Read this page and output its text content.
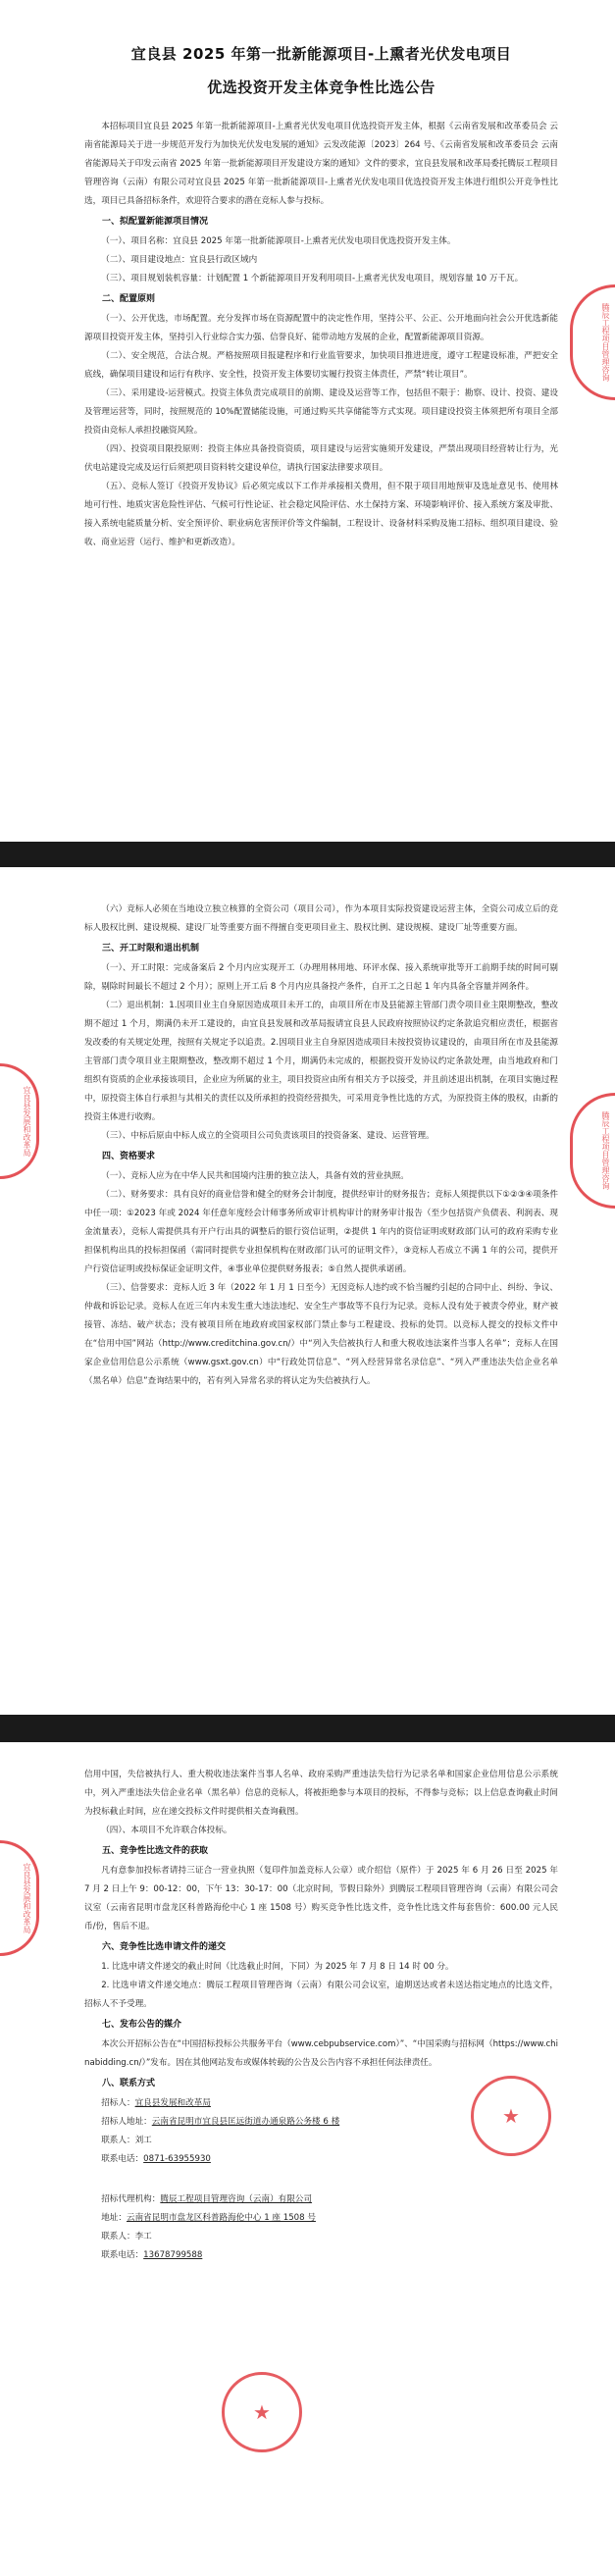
宜良县 2025 年第一批新能源项目-上熏者光伏发电项目
优选投资开发主体竞争性比选公告

本招标项目宜良县 2025 年第一批新能源项目-上熏者光伏发电项目优选投资开发主体，根据《云南省发展和改革委员会 云南省能源局关于进一步规范开发行为加快光伏发电发展的通知》云发改能源〔2023〕264 号、《云南省发展和改革委员会 云南省能源局关于印发云南省 2025 年第一批新能源项目开发建设方案的通知》文件的要求，宜良县发展和改革局委托腾辰工程项目管理咨询（云南）有限公司对宜良县 2025 年第一批新能源项目-上熏者光伏发电项目优选投资开发主体进行组织公开竞争性比选，项目已具备招标条件，欢迎符合要求的潜在竞标人参与投标。

一、拟配置新能源项目情况

（一）、项目名称：宜良县 2025 年第一批新能源项目-上熏者光伏发电项目优选投资开发主体。

（二）、项目建设地点：宜良县行政区域内

（三）、项目规划装机容量：计划配置 1 个新能源项目开发利用项目-上熏者光伏发电项目，规划容量 10 万千瓦。

二、配置原则

（一）、公开优选，市场配置。充分发挥市场在资源配置中的决定性作用，坚持公平、公正、公开地面向社会公开优选新能源项目投资开发主体，坚持引入行业综合实力强、信誉良好、能带动地方发展的企业，配置新能源项目资源。

（二）、安全规范，合法合规。严格按照项目报建程序和行业监管要求，加快项目推进进度，遵守工程建设标准，严把安全底线，确保项目建设和运行有秩序、安全性，投资开发主体要切实履行投资主体责任，严禁“转让项目”。

（三）、采用建设-运营模式。投资主体负责完成项目的前期、建设及运营等工作，包括但不限于：勘察、设计、投资、建设及管理运营等，同时，按照规范的 10%配置储能设施，可通过购买共享储能等方式实现。项目建设投资主体须把所有项目全部投资由竞标人承担投融资风险。

（四）、投资项目限投原则：投资主体应具备投资资质，项目建设与运营实施须开发建设，严禁出现项目经营转让行为，光伏电站建设完成及运行后须把项目资料转交建设单位，请执行国家法律要求项目。

（五）、竞标人签订《投资开发协议》后必须完成以下工作并承接相关费用，但不限于项目用地预审及选址意见书、使用林地可行性、地质灾害危险性评估、气候可行性论证、社会稳定风险评估、水土保持方案、环境影响评价、接入系统方案及审批、接入系统电能质量分析、安全预评价、职业病危害预评价等文件编制，工程设计、设备材料采购及施工招标、组织项目建设、验收、商业运营（运行、维护和更新改造）。

腾辰工程项目管理咨询

（六）竞标人必须在当地设立独立核算的全资公司（项目公司），作为本项目实际投资建设运营主体，全资公司成立后的竞标人股权比例、建设规模、建设厂址等重要方面不得擅自变更项目业主、股权比例、建设规模、建设厂址等重要方面。

三、开工时限和退出机制

（一）、开工时限：完成备案后 2 个月内应实现开工（办理用林用地、环评水保、接入系统审批等开工前期手续的时间可剔除，剔除时间最长不超过 2 个月）；原则上开工后 8 个月内应具备投产条件，自开工之日起 1 年内具备全容量并网条件。

（二）退出机制：1.因项目业主自身原因造成项目未开工的，由项目所在市及县能源主管部门责令项目业主限期整改，整改期不超过 1 个月，期满仍未开工建设的，由宜良县发展和改革局报请宜良县人民政府按照协议约定条款追究相应责任，根据省发改委的有关规定处理，按照有关规定予以追责。2.因项目业主自身原因造成项目未按投资协议建设的，由项目所在市及县能源主管部门责令项目业主限期整改，整改期不超过 1 个月，期满仍未完成的，根据投资开发协议约定条款处理，由当地政府和门组织有资质的企业承接该项目，企业应为所属的业主，项目投资应由所有相关方予以接受，并且前述退出机制，在项目实施过程中，原投资主体自行承担与其相关的责任以及所承担的投资经营损失，可采用竞争性比选的方式，为原投资主体的股权，由新的投资主体进行收购。

（三）、中标后原由中标人成立的全资项目公司负责该项目的投资备案、建设、运营管理。

四、资格要求

（一）、竞标人应为在中华人民共和国境内注册的独立法人，具备有效的营业执照。

（二）、财务要求：具有良好的商业信誉和健全的财务会计制度，提供经审计的财务报告；竞标人须提供以下①②③④项条件中任一项：①2023 年或 2024 年任意年度经会计师事务所或审计机构审计的财务审计报告（至少包括资产负债表、利润表、现金流量表），竞标人需提供具有开户行出具的调整后的银行资信证明，②提供 1 年内的资信证明或财政部门认可的政府采购专业担保机构出具的投标担保函（需同时提供专业担保机构在财政部门认可的证明文件），③竞标人若成立不满 1 年的公司，提供开户行资信证明或投标保证金证明文件，④事业单位提供财务报表；⑤自然人提供承诺函。

（三）、信誉要求：竞标人近 3 年（2022 年 1 月 1 日至今）无因竞标人违约或不恰当履约引起的合同中止、纠纷、争议、仲裁和诉讼记录。竞标人在近三年内未发生重大违法违纪、安全生产事故等不良行为记录。竞标人没有处于被责令停业，财产被接管、冻结、破产状态；没有被项目所在地政府或国家权部门禁止参与工程建设、投标的处罚。以竞标人提交的投标文件中在“信用中国”网站（http://www.creditchina.gov.cn/）中“列入失信被执行人和重大税收违法案件当事人名单”；竞标人在国家企业信用信息公示系统（www.gsxt.gov.cn）中“行政处罚信息”、“列入经营异常名录信息”、“列入严重违法失信企业名单（黑名单）信息”查询结果中的，若有列入异常名录的将认定为失信被执行人。

宜良县发展和改革局	腾辰工程项目管理咨询

信用中国，失信被执行人、重大税收违法案件当事人名单、政府采购严重违法失信行为记录名单和国家企业信用信息公示系统中，列入严重违法失信企业名单（黑名单）信息的竞标人，将被拒绝参与本项目的投标，不得参与竞标；以上信息查询截止时间为投标截止时间，应在递交投标文件时提供相关查询截图。

（四）、本项目不允许联合体投标。

五、竞争性比选文件的获取

凡有意参加投标者请持三证合一营业执照（复印件加盖竞标人公章）或介绍信（原件）于 2025 年 6 月 26 日至 2025 年 7 月 2 日上午 9：00-12：00，下午 13：30-17：00（北京时间，节假日除外）到腾辰工程项目管理咨询（云南）有限公司会议室（云南省昆明市盘龙区科普路海伦中心 1 座 1508 号）购买竞争性比选文件，竞争性比选文件每套售价：600.00 元人民币/份，售后不退。

六、竞争性比选申请文件的递交

1. 比选申请文件递交的截止时间（比选截止时间，下同）为 2025 年 7 月 8 日 14 时 00 分。

2. 比选申请文件递交地点：腾辰工程项目管理咨询（云南）有限公司会议室，逾期送达或者未送达指定地点的比选文件，招标人不予受理。

七、发布公告的媒介

本次公开招标公告在“中国招标投标公共服务平台（www.cebpubservice.com）”、“中国采购与招标网（https://www.chinabidding.cn/）”发布。因在其他网站发布或媒体转载的公告及公告内容不承担任何法律责任。

八、联系方式
招标人：宜良县发展和改革局
招标人地址：云南省昆明市宜良县匡远街道办通泉路公务楼 6 楼
联系人：刘工
联系电话：0871-63955930
招标代理机构：腾辰工程项目管理咨询（云南）有限公司
地址：云南省昆明市盘龙区科普路海伦中心 1 座 1508 号
联系人：李工
联系电话：13678799588
宜良县发展和改革局
★
★
